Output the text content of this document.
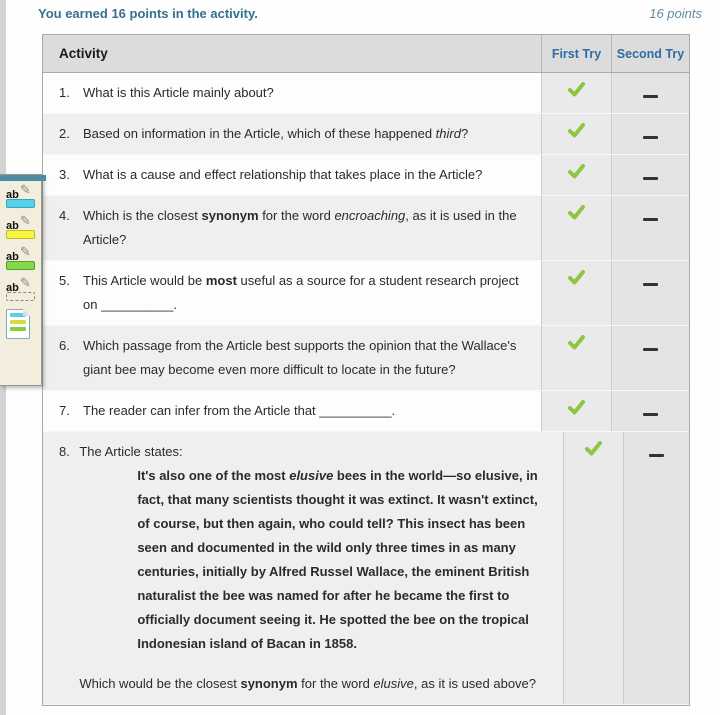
You earned 16 points in the activity.	16 points
Activity	First Try	Second Try
1.	What is this Article mainly about?
2.	Based on information in the Article, which of these happened third?
3.	What is a cause and effect relationship that takes place in the Article?
4.	Which is the closest synonym for the word encroaching, as it is used in the Article?
5.	This Article would be most useful as a source for a student research project on __________.
6.	Which passage from the Article best supports the opinion that the Wallace's giant bee may become even more difficult to locate in the future?
7.	The reader can infer from the Article that __________.
8. The Article states:
It's also one of the most elusive bees in the world—so elusive, in fact, that many scientists thought it was extinct. It wasn't extinct, of course, but then again, who could tell? This insect has been seen and documented in the wild only three times in as many centuries, initially by Alfred Russel Wallace, the eminent British naturalist the bee was named for after he became the first to officially document seeing it. He spotted the bee on the tropical Indonesian island of Bacan in 1858.
Which would be the closest synonym for the word elusive, as it is used above?
ab ✎
ab ✎
ab ✎
ab ✎
